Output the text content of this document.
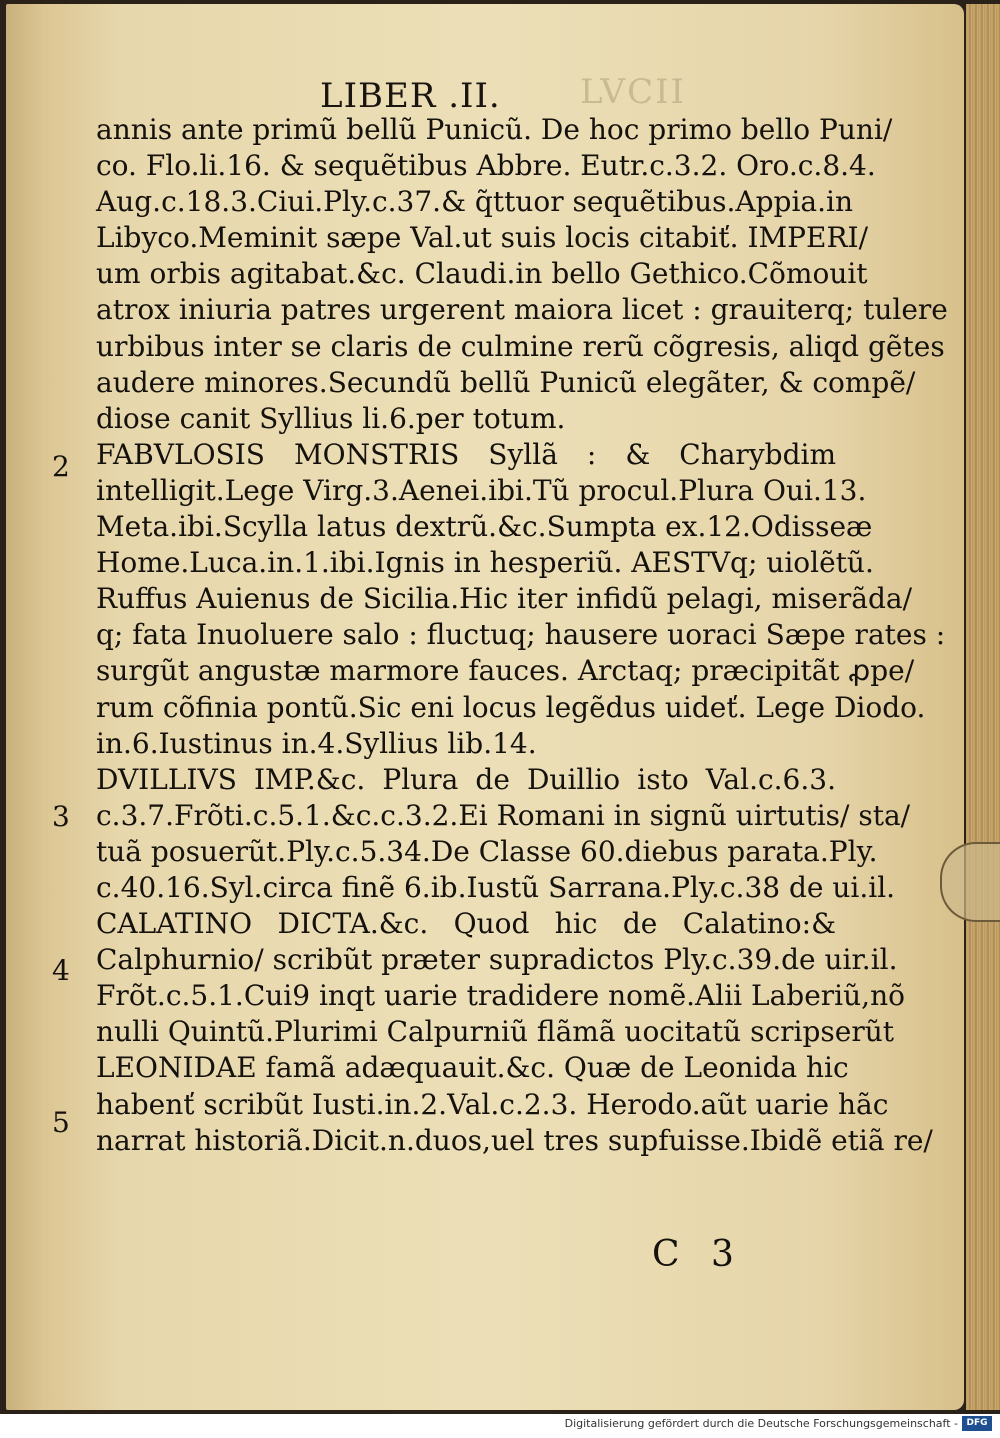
LVCII
LIBER .II.
annis ante primũ bellũ Punicũ. De hoc primo bello Puni/
co. Flo.li.16. & sequẽtibus Abbre. Eutr.c.3.2. Oro.c.8.4.
Aug.c.18.3.Ciui.Ply.c.37.& q̃ttuor sequẽtibus.Appia.in
Libyco.Meminit sæpe Val.ut suis locis citabiť. IMPERI/
um orbis agitabat.&c. Claudi.in bello Gethico.Cõmouit
atrox iniuria patres urgerent maiora licet : grauiterq; tulere
urbibus inter se claris de culmine rerũ cõgresis, aliqd gẽtes
audere minores.Secundũ bellũ Punicũ elegãter, & compẽ/
diose canit Syllius li.6.per totum.
FABVLOSIS MONSTRIS Syllã : & Charybdim
intelligit.Lege Virg.3.Aenei.ibi.Tũ procul.Plura Oui.13.
Meta.ibi.Scylla latus dextrũ.&c.Sumpta ex.12.Odisseæ
Home.Luca.in.1.ibi.Ignis in hesperiũ. AESTVq; uiolẽtũ.
Ruffus Auienus de Sicilia.Hic iter infidũ pelagi, miserãda/
q; fata Inuoluere salo : fluctuq; hausere uoraci Sæpe rates :
surgũt angustæ marmore fauces. Arctaq; præcipitãt ꝓpe/
rum cõfinia pontũ.Sic eni locus legẽdus uideť. Lege Diodo.
in.6.Iustinus in.4.Syllius lib.14.
DVILLIVS IMP.&c. Plura de Duillio isto Val.c.6.3.
c.3.7.Frõti.c.5.1.&c.c.3.2.Ei Romani in signũ uirtutis/ sta/
tuã posuerũt.Ply.c.5.34.De Classe 60.diebus parata.Ply.
c.40.16.Syl.circa finẽ 6.ib.Iustũ Sarrana.Ply.c.38 de ui.il.
CALATINO DICTA.&c. Quod hic de Calatino:&
Calphurnio/ scribũt præter supradictos Ply.c.39.de uir.il.
Frõt.c.5.1.Cui9 inqt uarie tradidere nomẽ.Alii Laberiũ,nõ
nulli Quintũ.Plurimi Calpurniũ flãmã uocitatũ scripserũt
LEONIDAE famã adæquauit.&c. Quæ de Leonida hic
habenť scribũt Iusti.in.2.Val.c.2.3. Herodo.aũt uarie hãc
narrat historiã.Dicit.n.duos,uel tres supfuisse.Ibidẽ etiã re/
2
3
4
5
C 3
Digitalisierung gefördert durch die Deutsche Forschungsgemeinschaft - DFG
